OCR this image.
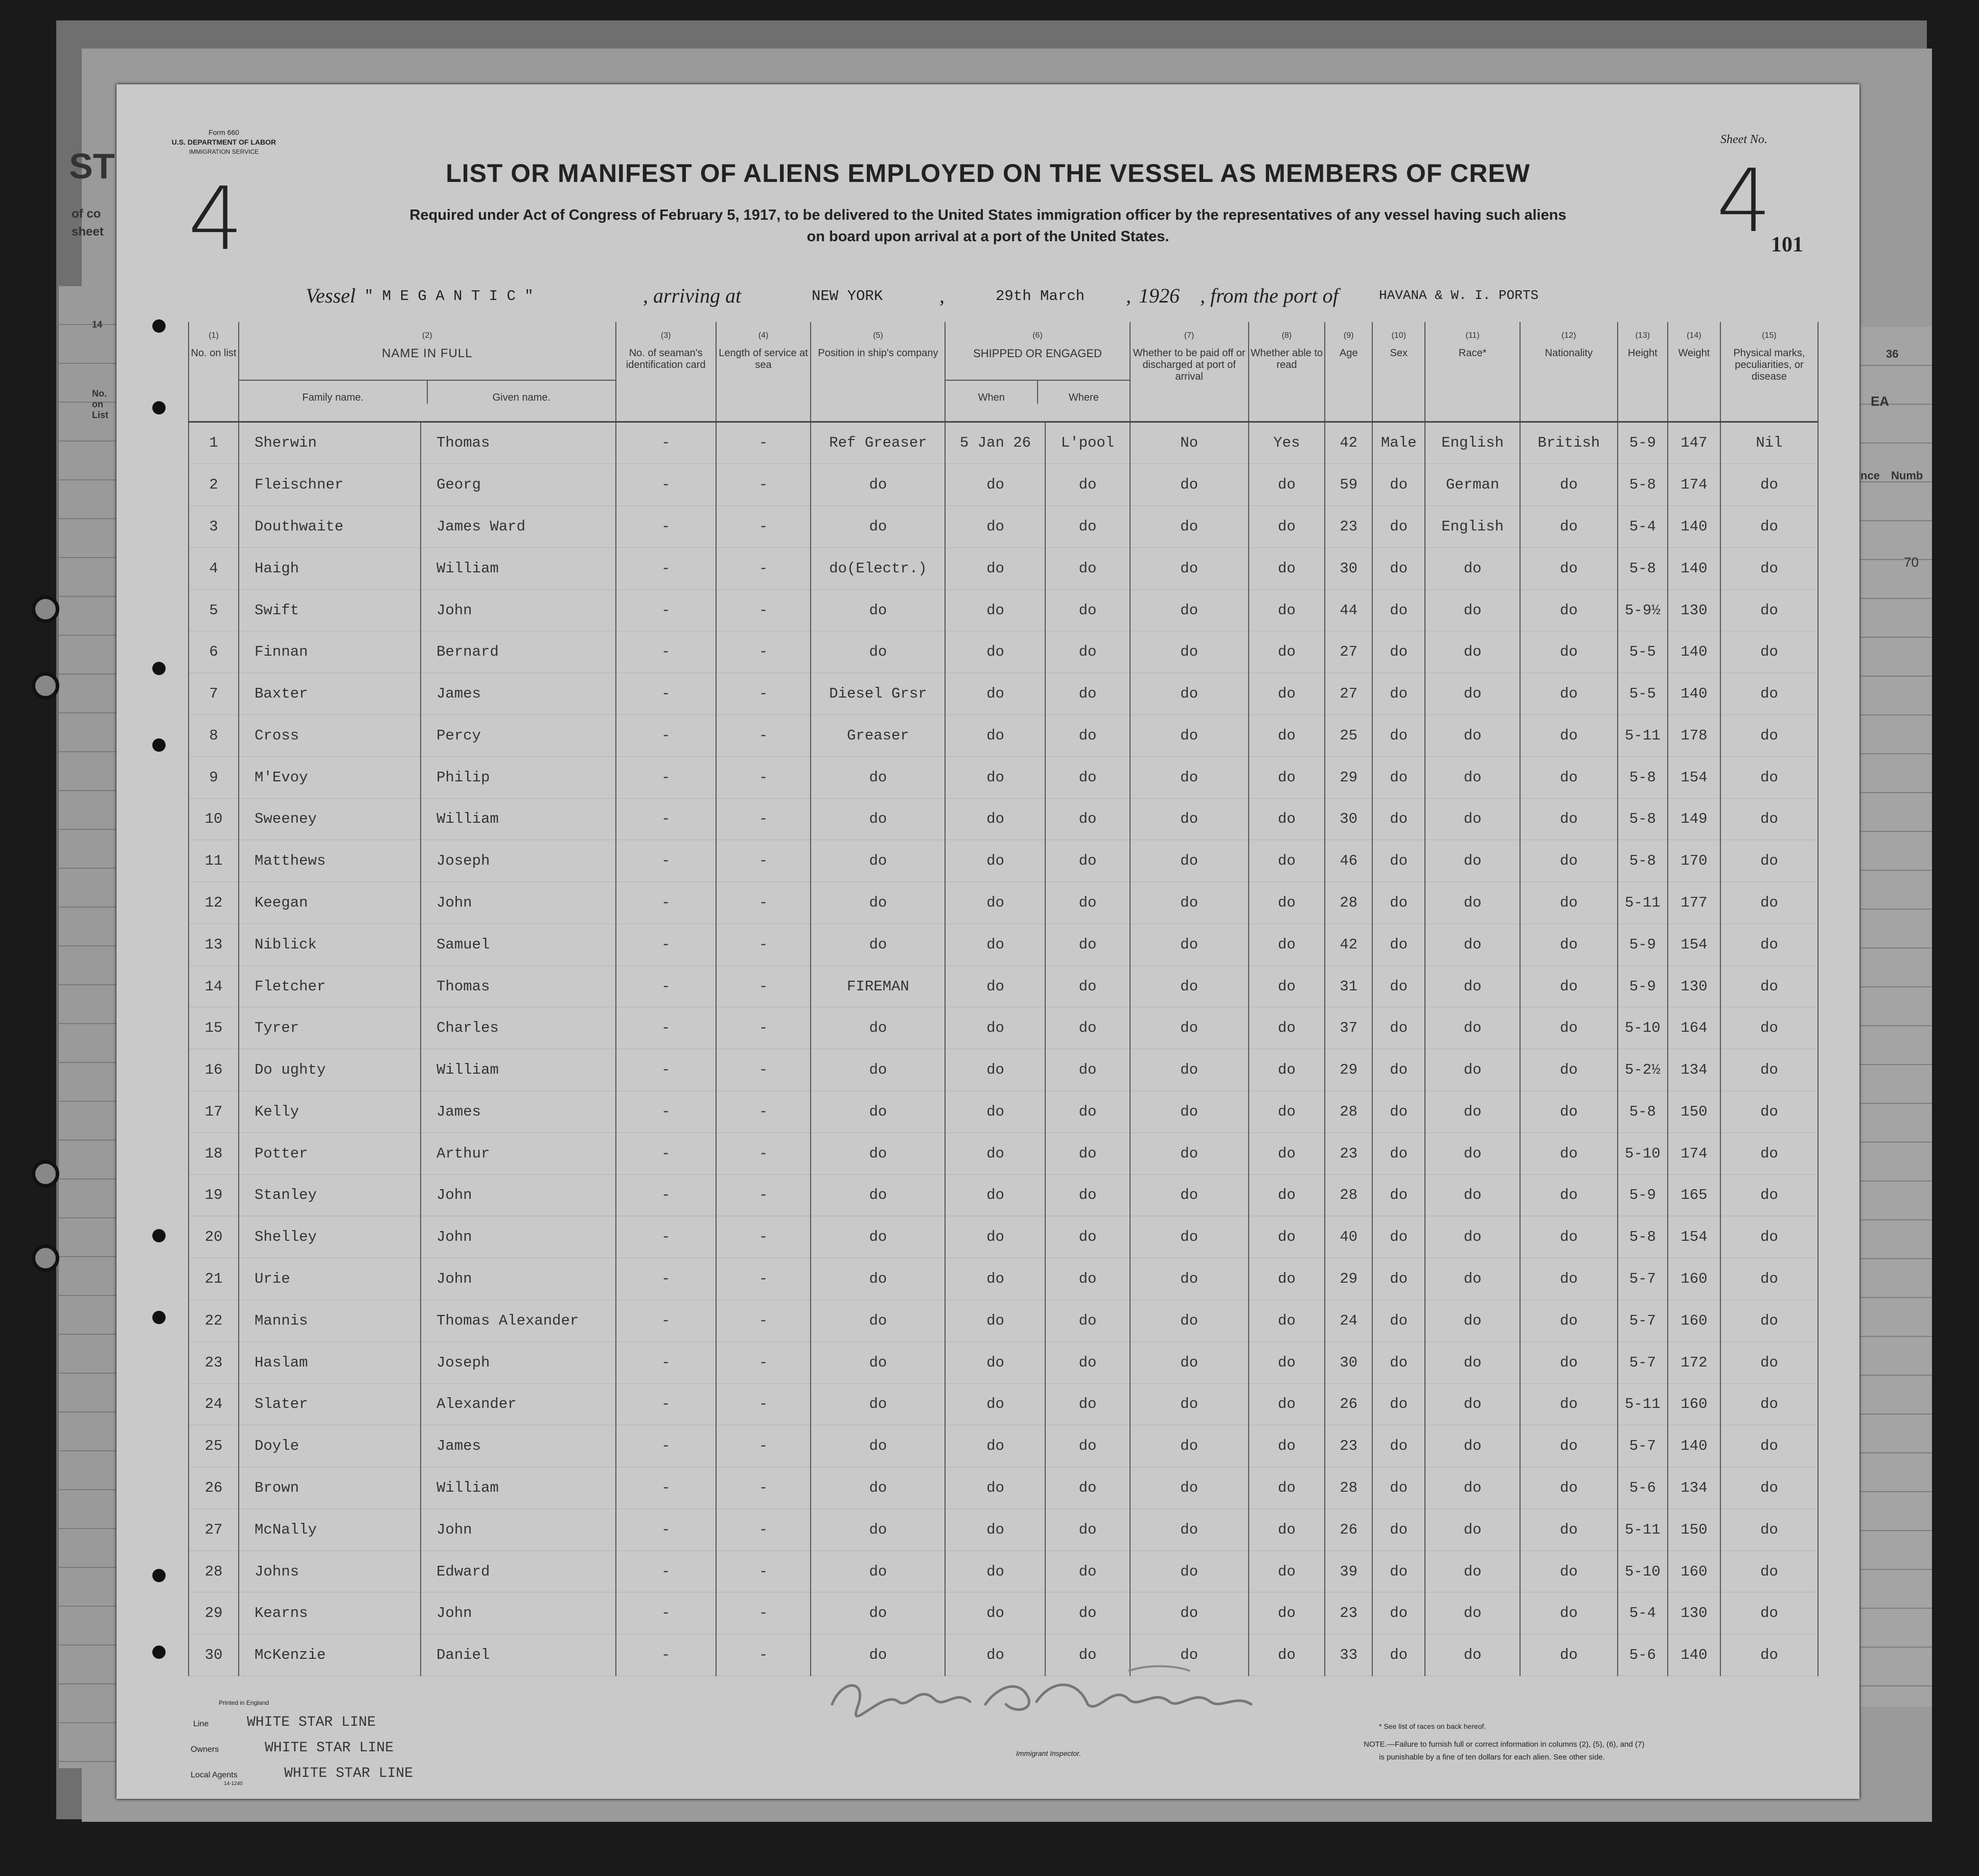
ST
of co
sheet
14
No. on List
36
EA
nce Numb
70
Form 660
U.S. DEPARTMENT OF LABOR
IMMIGRATION SERVICE
4	4
Sheet No.
101
LIST OR MANIFEST OF ALIENS EMPLOYED ON THE VESSEL AS MEMBERS OF CREW
Required under Act of Congress of February 5, 1917, to be delivered to the United States immigration officer by the representatives of any vessel having such aliens
on board upon arrival at a port of the United States.
Vessel " M E G A N T I C "	, arriving at	NEW YORK	,	29th March , 1926 , from the port of	HAVANA & W. I. PORTS
(1)
No. on list	(2)
NAME IN FULL
Family name. Given name.		(3)
No. of seaman's identification card	(4)
Length of service at sea	(5)
Position in ship's company	(6)
SHIPPED OR ENGAGED
When Where		(7)
Whether to be paid off or discharged at port of arrival	(8)
Whether able to read	(9)
Age	(10)
Sex	(11)
Race*	(12)
Nationality	(13)
Height	(14)
Weight	(15)
Physical marks, peculiarities, or disease

1	Sherwin	Thomas	-	-	Ref Greaser	5 Jan 26	L'pool	No	Yes	42	Male	English	British	5-9	147	Nil
2	Fleischner	Georg	-	-	do	do	do	do	do	59	do	German	do	5-8	174	do
3	Douthwaite	James Ward	-	-	do	do	do	do	do	23	do	English	do	5-4	140	do
4	Haigh	William	-	-	do(Electr.)	do	do	do	do	30	do	do	do	5-8	140	do
5	Swift	John	-	-	do	do	do	do	do	44	do	do	do	5-9½	130	do
6	Finnan	Bernard	-	-	do	do	do	do	do	27	do	do	do	5-5	140	do
7	Baxter	James	-	-	Diesel Grsr	do	do	do	do	27	do	do	do	5-5	140	do
8	Cross	Percy	-	-	Greaser	do	do	do	do	25	do	do	do	5-11	178	do
9	M'Evoy	Philip	-	-	do	do	do	do	do	29	do	do	do	5-8	154	do
10	Sweeney	William	-	-	do	do	do	do	do	30	do	do	do	5-8	149	do
11	Matthews	Joseph	-	-	do	do	do	do	do	46	do	do	do	5-8	170	do
12	Keegan	John	-	-	do	do	do	do	do	28	do	do	do	5-11	177	do
13	Niblick	Samuel	-	-	do	do	do	do	do	42	do	do	do	5-9	154	do
14	Fletcher	Thomas	-	-	FIREMAN	do	do	do	do	31	do	do	do	5-9	130	do
15	Tyrer	Charles	-	-	do	do	do	do	do	37	do	do	do	5-10	164	do
16	Do ughty	William	-	-	do	do	do	do	do	29	do	do	do	5-2½	134	do
17	Kelly	James	-	-	do	do	do	do	do	28	do	do	do	5-8	150	do
18	Potter	Arthur	-	-	do	do	do	do	do	23	do	do	do	5-10	174	do
19	Stanley	John	-	-	do	do	do	do	do	28	do	do	do	5-9	165	do
20	Shelley	John	-	-	do	do	do	do	do	40	do	do	do	5-8	154	do
21	Urie	John	-	-	do	do	do	do	do	29	do	do	do	5-7	160	do
22	Mannis	Thomas Alexander	-	-	do	do	do	do	do	24	do	do	do	5-7	160	do
23	Haslam	Joseph	-	-	do	do	do	do	do	30	do	do	do	5-7	172	do
24	Slater	Alexander	-	-	do	do	do	do	do	26	do	do	do	5-11	160	do
25	Doyle	James	-	-	do	do	do	do	do	23	do	do	do	5-7	140	do
26	Brown	William	-	-	do	do	do	do	do	28	do	do	do	5-6	134	do
27	McNally	John	-	-	do	do	do	do	do	26	do	do	do	5-11	150	do
28	Johns	Edward	-	-	do	do	do	do	do	39	do	do	do	5-10	160	do
29	Kearns	John	-	-	do	do	do	do	do	23	do	do	do	5-4	130	do
30	McKenzie	Daniel	-	-	do	do	do	do	do	33	do	do	do	5-6	140	do
Printed in England
Line	WHITE STAR LINE
Owners	WHITE STAR LINE
Local Agents	WHITE STAR LINE
14-1240
Immigrant Inspector.
* See list of races on back hereof.
NOTE.—Failure to furnish full or correct information in columns (2), (5), (6), and (7)
is punishable by a fine of ten dollars for each alien. See other side.
